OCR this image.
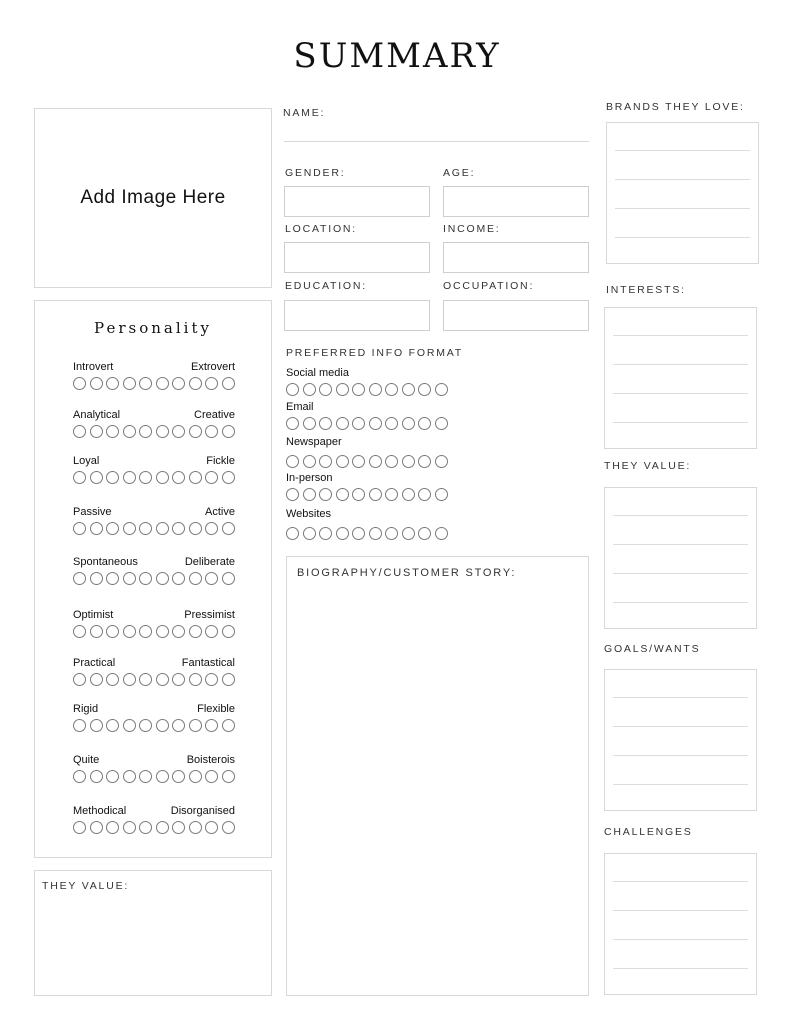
SUMMARY
Add Image Here
Personality
Introvert	Extrovert
Analytical	Creative
Loyal	Fickle
Passive	Active
Spontaneous	Deliberate
Optimist	Pressimist
Practical	Fantastical
Rigid	Flexible
Quite	Boisterois
Methodical	Disorganised
THEY VALUE:
NAME:
GENDER:	AGE:
LOCATION:	INCOME:
EDUCATION:	OCCUPATION:
PREFERRED INFO FORMAT
Social media
Email
Newspaper
In-person
Websites
BIOGRAPHY/CUSTOMER STORY:
BRANDS THEY LOVE:
INTERESTS:
THEY VALUE:
GOALS/WANTS
CHALLENGES
